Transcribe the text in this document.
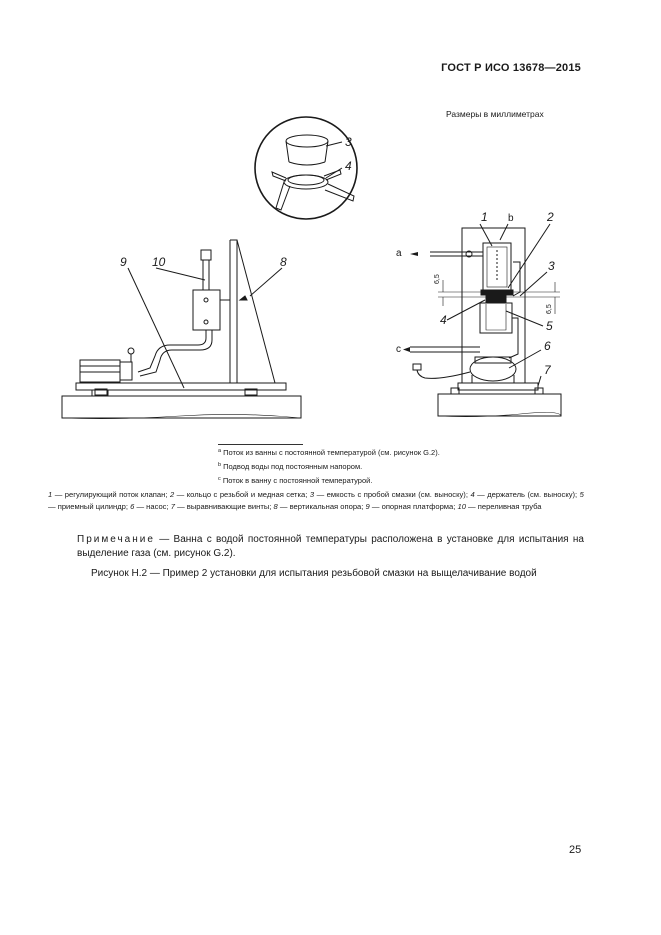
ГОСТ Р ИСО 13678—2015
Размеры в миллиметрах
3
4
9 10	8
1 b	2
3
4	5
6
7
a
c
6,5
6,5
$^a$ Поток из ванны с постоянной температурой (см. рисунок G.2).
$^b$ Подвод воды под постоянным напором.
$^c$ Поток в ванну с постоянной температурой.
1 — регулирующий поток клапан; 2 — кольцо с резьбой и медная сетка; 3 — емкость с пробой смазки (см. выноску); 4 — держатель (см. выноску); 5 — приемный цилиндр; 6 — насос; 7 — выравнивающие винты; 8 — вертикальная опора; 9 — опорная платформа; 10 — переливная труба
Примечание — Ванна с водой постоянной температуры расположена в установке для испытания на выделение газа (см. рисунок G.2).
Рисунок Н.2 — Пример 2 установки для испытания резьбовой смазки на выщелачивание водой
25
